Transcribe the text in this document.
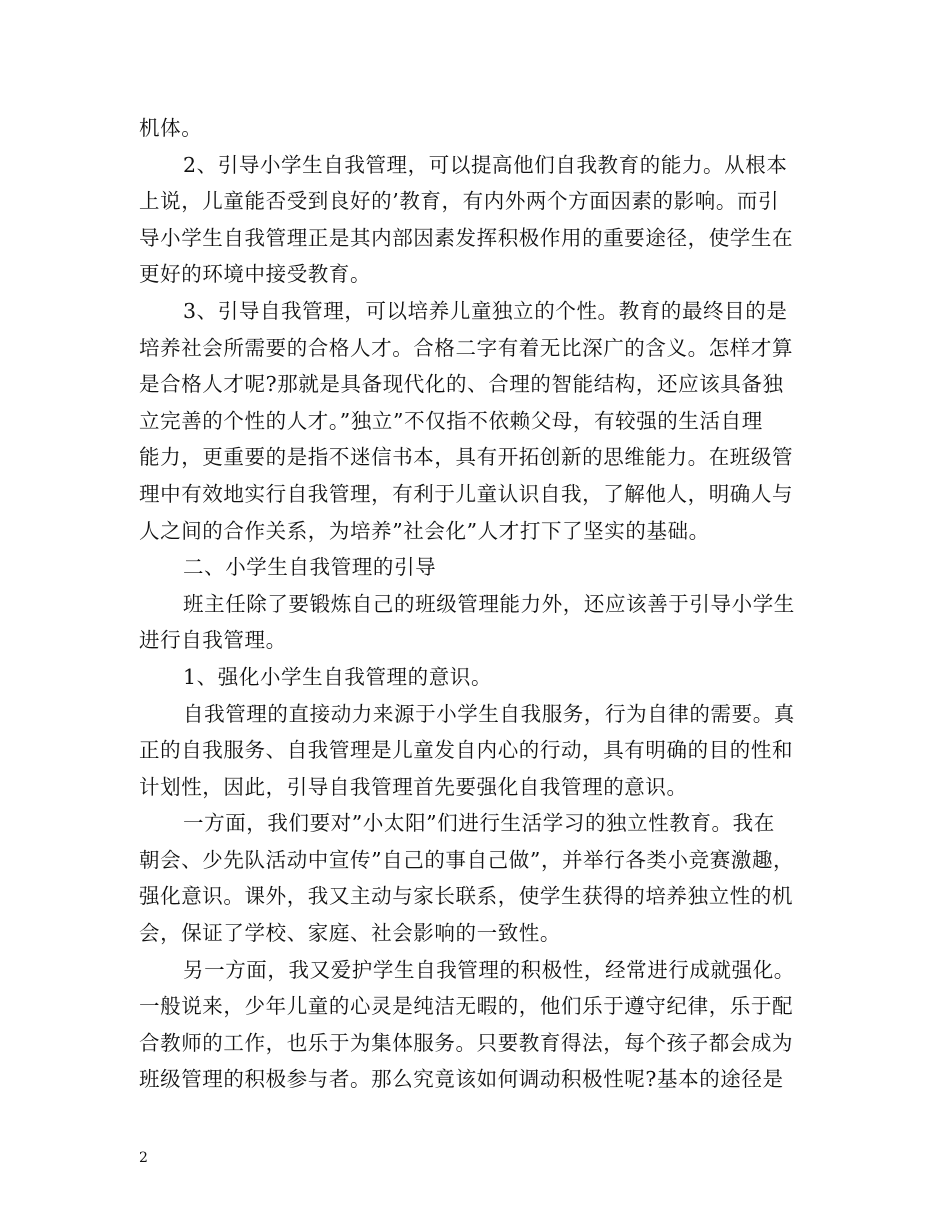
机体。
2、引导小学生自我管理，可以提高他们自我教育的能力。从根本
上说，儿童能否受到良好的’教育，有内外两个方面因素的影响。而引
导小学生自我管理正是其内部因素发挥积极作用的重要途径，使学生在
更好的环境中接受教育。
3、引导自我管理，可以培养儿童独立的个性。教育的最终目的是
培养社会所需要的合格人才。合格二字有着无比深广的含义。怎样才算
是合格人才呢?那就是具备现代化的、合理的智能结构，还应该具备独
立完善的个性的人才。”独立”不仅指不依赖父母，有较强的生活自理
能力，更重要的是指不迷信书本，具有开拓创新的思维能力。在班级管
理中有效地实行自我管理，有利于儿童认识自我，了解他人，明确人与
人之间的合作关系，为培养”社会化”人才打下了坚实的基础。
二、小学生自我管理的引导
班主任除了要锻炼自己的班级管理能力外，还应该善于引导小学生
进行自我管理。
1、强化小学生自我管理的意识。
自我管理的直接动力来源于小学生自我服务，行为自律的需要。真
正的自我服务、自我管理是儿童发自内心的行动，具有明确的目的性和
计划性，因此，引导自我管理首先要强化自我管理的意识。
一方面，我们要对”小太阳”们进行生活学习的独立性教育。我在
朝会、少先队活动中宣传”自己的事自己做”，并举行各类小竞赛激趣，
强化意识。课外，我又主动与家长联系，使学生获得的培养独立性的机
会，保证了学校、家庭、社会影响的一致性。
另一方面，我又爱护学生自我管理的积极性，经常进行成就强化。
一般说来，少年儿童的心灵是纯洁无暇的，他们乐于遵守纪律，乐于配
合教师的工作，也乐于为集体服务。只要教育得法，每个孩子都会成为
班级管理的积极参与者。那么究竟该如何调动积极性呢?基本的途径是
2
